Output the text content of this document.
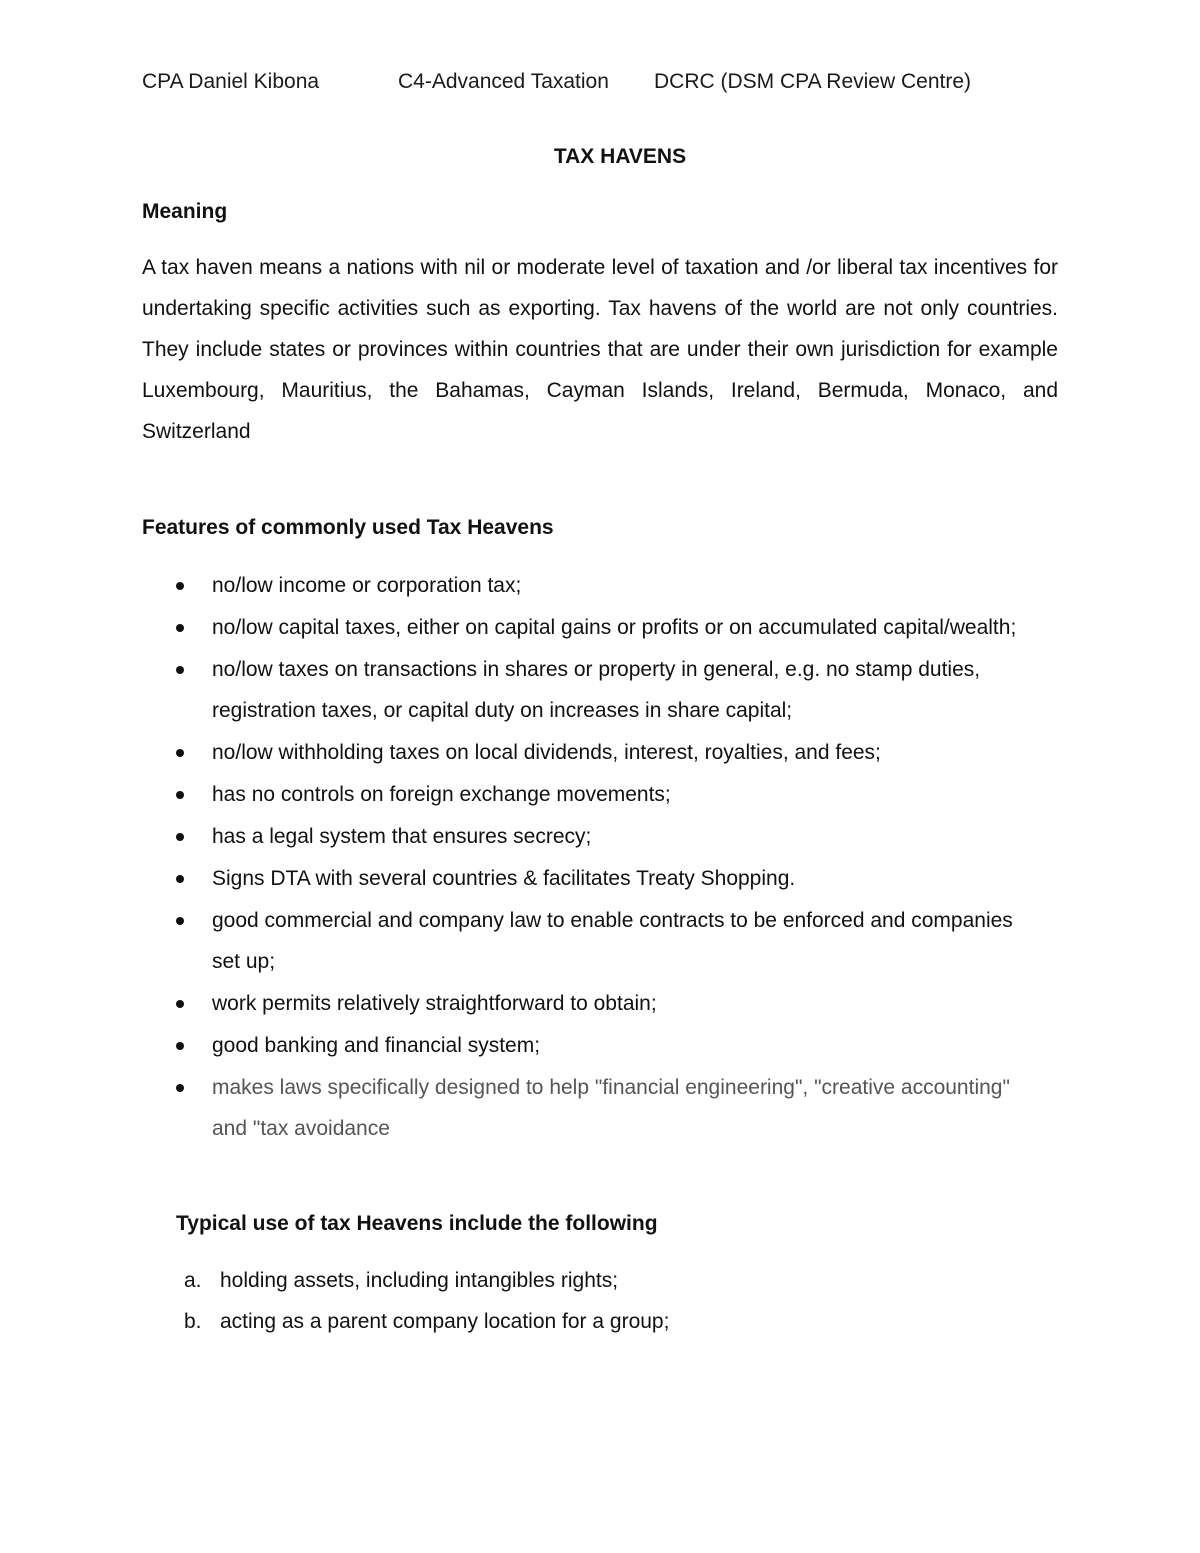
CPA Daniel Kibona	C4-Advanced Taxation DCRC (DSM CPA Review Centre)
TAX HAVENS
Meaning
A tax haven means a nations with nil or moderate level of taxation and /or liberal tax incentives for undertaking specific activities such as exporting. Tax havens of the world are not only countries. They include states or provinces within countries that are under their own jurisdiction for example Luxembourg, Mauritius, the Bahamas, Cayman Islands, Ireland, Bermuda, Monaco, and Switzerland
Features of commonly used Tax Heavens
no/low income or corporation tax;
no/low capital taxes, either on capital gains or profits or on accumulated capital/wealth;
no/low taxes on transactions in shares or property in general, e.g. no stamp duties, registration taxes, or capital duty on increases in share capital;
no/low withholding taxes on local dividends, interest, royalties, and fees;
has no controls on foreign exchange movements;
has a legal system that ensures secrecy;
Signs DTA with several countries & facilitates Treaty Shopping.
good commercial and company law to enable contracts to be enforced and companies set up;
work permits relatively straightforward to obtain;
good banking and financial system;
makes laws specifically designed to help "financial engineering", "creative accounting" and "tax avoidance
Typical use of tax Heavens include the following
a. holding assets, including intangibles rights;
b. acting as a parent company location for a group;
